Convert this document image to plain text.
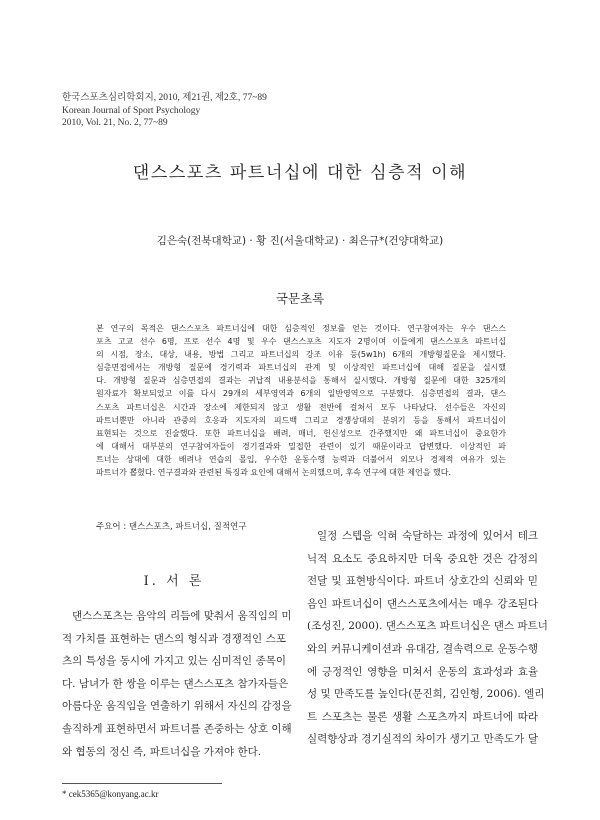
한국스포츠심리학회지, 2010, 제21권, 제2호, 77~89
Korean Journal of Sport Psychology
2010, Vol. 21, No. 2, 77~89
댄스스포츠 파트너십에 대한 심층적 이해
김은숙(전북대학교) · 황 진(서울대학교) · 최은규*(건양대학교)
국문초록
본 연구의 목적은 댄스스포츠 파트너십에 대한 심층적인 정보를 얻는 것이다. 연구참여자는 우수 댄스스
포츠 고교 선수 6명, 프로 선수 4명 및 우수 댄스스포츠 지도자 2명이며 이들에게 댄스스포츠 파트너십
의 시점, 장소, 대상, 내용, 방법 그리고 파트너십의 강조 이유 등(5w1h) 6개의 개방형질문을 제시했다.
심층면접에서는 개방형 질문에 경기력과 파트너십의 관계 및 이상적인 파트너십에 대해 질문을 실시했
다. 개방형 질문과 심층면접의 결과는 귀납적 내용분석을 통해서 실시했다. 개방형 질문에 대한 325개의
원자료가 확보되었고 이를 다시 29개의 세부영역과 6개의 일반영역으로 구분했다. 심층면접의 결과, 댄스
스포츠 파트너십은 시간과 장소에 제한되지 않고 생활 전반에 걸쳐서 모두 나타났다. 선수들은 자신의
파트너뿐만 아니라 관중의 호응과 지도자의 피드백 그리고 경쟁상대의 분위기 등을 통해서 파트너십이
표현되는 것으로 진술했다. 또한 파트너십을 배려, 매너, 헌신성으로 간주했지만 왜 파트너십이 중요한가
에 대해서 대부분의 연구참여자들이 경기결과와 밀접한 관련이 있기 때문이라고 답변했다. 이상적인 파
트너는 상대에 대한 배려나 연습의 몰입, 우수한 운동수행 능력과 더불어서 외모나 경제적 여유가 있는
파트너가 뽑혔다. 연구결과와 관련된 특징과 요인에 대해서 논의했으며, 후속 연구에 대한 제언을 했다.
주요어 : 댄스스포츠, 파트너십, 질적연구
Ⅰ. 서 론
댄스스포츠는 음악의 리듬에 맞춰서 움직임의 미
적 가치를 표현하는 댄스의 형식과 경쟁적인 스포
츠의 특성을 동시에 가지고 있는 심미적인 종목이
다. 남녀가 한 쌍을 이루는 댄스스포츠 참가자들은
아름다운 움직임을 연출하기 위해서 자신의 감정을
솔직하게 표현하면서 파트너를 존중하는 상호 이해
와 협동의 정신 즉, 파트너십을 가져야 한다.
일정 스텝을 익혀 숙달하는 과정에 있어서 테크
닉적 요소도 중요하지만 더욱 중요한 것은 감정의
전달 및 표현방식이다. 파트너 상호간의 신뢰와 믿
음인 파트너십이 댄스스포츠에서는 매우 강조된다
(조성진, 2000). 댄스스포츠 파트너십은 댄스 파트너
와의 커뮤니케이션과 유대감, 결속력으로 운동수행
에 긍정적인 영향을 미쳐서 운동의 효과성과 효율
성 및 만족도를 높인다(문진희, 김인형, 2006). 엘리
트 스포츠는 물론 생활 스포츠까지 파트너에 따라
실력향상과 경기실적의 차이가 생기고 만족도가 달
* cek5365@konyang.ac.kr
